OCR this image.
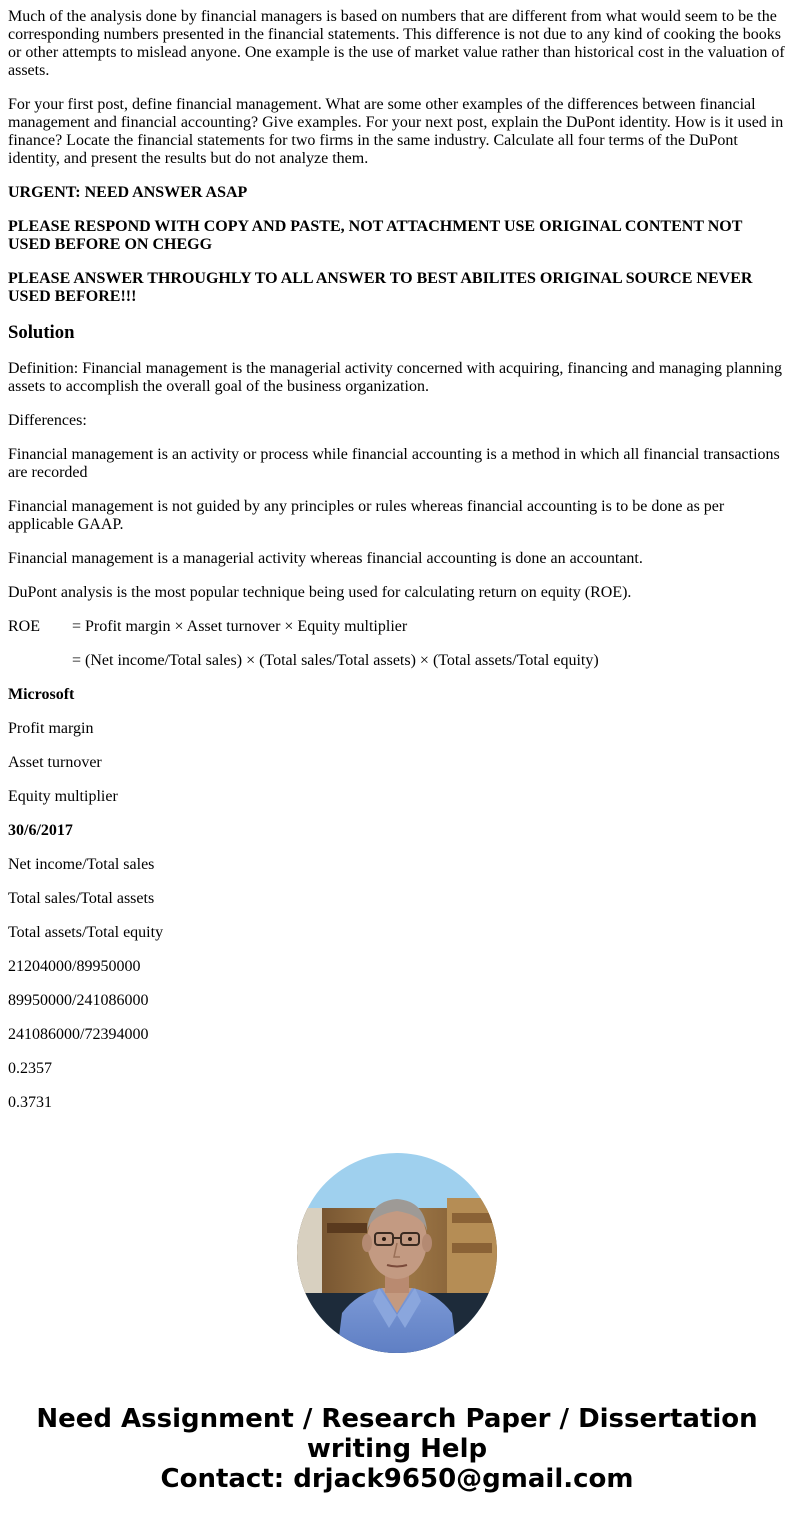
Much of the analysis done by financial managers is based on numbers that are different from what would seem to be the corresponding numbers presented in the financial statements. This difference is not due to any kind of cooking the books or other attempts to mislead anyone. One example is the use of market value rather than historical cost in the valuation of assets.

For your first post, define financial management. What are some other examples of the differences between financial management and financial accounting? Give examples. For your next post, explain the DuPont identity. How is it used in finance? Locate the financial statements for two firms in the same industry. Calculate all four terms of the DuPont identity, and present the results but do not analyze them.

URGENT: NEED ANSWER ASAP

PLEASE RESPOND WITH COPY AND PASTE, NOT ATTACHMENT USE ORIGINAL CONTENT NOT USED BEFORE ON CHEGG

PLEASE ANSWER THROUGHLY TO ALL ANSWER TO BEST ABILITES ORIGINAL SOURCE NEVER USED BEFORE!!!

Solution

Definition: Financial management is the managerial activity concerned with acquiring, financing and managing planning assets to accomplish the overall goal of the business organization.

Differences:

Financial management is an activity or process while financial accounting is a method in which all financial transactions are recorded

Financial management is not guided by any principles or rules whereas financial accounting is to be done as per applicable GAAP.

Financial management is a managerial activity whereas financial accounting is done an accountant.

DuPont analysis is the most popular technique being used for calculating return on equity (ROE).

ROE = Profit margin × Asset turnover × Equity multiplier

= (Net income/Total sales) × (Total sales/Total assets) × (Total assets/Total equity)

Microsoft

Profit margin

Asset turnover

Equity multiplier

30/6/2017

Net income/Total sales

Total sales/Total assets

Total assets/Total equity

21204000/89950000

89950000/241086000

241086000/72394000

0.2357

0.3731

Need Assignment / Research Paper / Dissertation writing Help
Contact: drjack9650@gmail.com
